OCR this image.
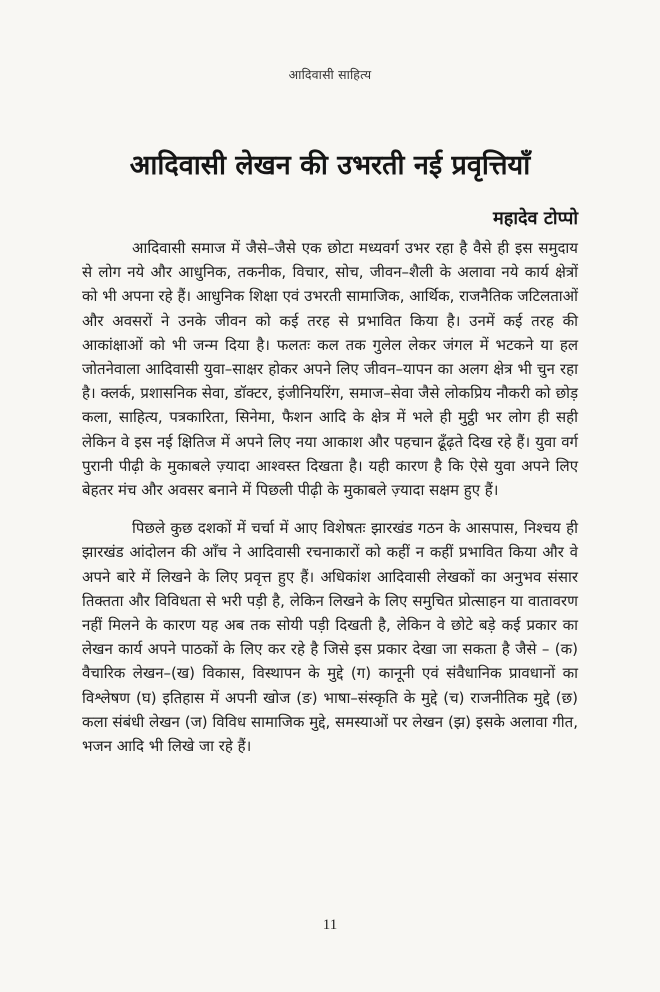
आदिवासी साहित्य
आदिवासी लेखन की उभरती नई प्रवृत्तियाँ
महादेव टोप्पो

आदिवासी समाज में जैसे–जैसे एक छोटा मध्यवर्ग उभर रहा है वैसे ही इस समुदाय से लोग नये और आधुनिक, तकनीक, विचार, सोच, जीवन–शैली के अलावा नये कार्य क्षेत्रों को भी अपना रहे हैं। आधुनिक शिक्षा एवं उभरती सामाजिक, आर्थिक, राजनैतिक जटिलताओं और अवसरों ने उनके जीवन को कई तरह से प्रभावित किया है। उनमें कई तरह की आकांक्षाओं को भी जन्म दिया है। फलतः कल तक गुलेल लेकर जंगल में भटकने या हल जोतनेवाला आदिवासी युवा–साक्षर होकर अपने लिए जीवन–यापन का अलग क्षेत्र भी चुन रहा है। क्लर्क, प्रशासनिक सेवा, डॉक्टर, इंजीनियरिंग, समाज–सेवा जैसे लोकप्रिय नौकरी को छोड़ कला, साहित्य, पत्रकारिता, सिनेमा, फैशन आदि के क्षेत्र में भले ही मुट्ठी भर लोग ही सही लेकिन वे इस नई क्षितिज में अपने लिए नया आकाश और पहचान ढूँढ़ते दिख रहे हैं। युवा वर्ग पुरानी पीढ़ी के मुकाबले ज़्यादा आश्वस्त दिखता है। यही कारण है कि ऐसे युवा अपने लिए बेहतर मंच और अवसर बनाने में पिछली पीढ़ी के मुकाबले ज़्यादा सक्षम हुए हैं।

पिछले कुछ दशकों में चर्चा में आए विशेषतः झारखंड गठन के आसपास, निश्चय ही झारखंड आंदोलन की आँच ने आदिवासी रचनाकारों को कहीं न कहीं प्रभावित किया और वे अपने बारे में लिखने के लिए प्रवृत्त हुए हैं। अधिकांश आदिवासी लेखकों का अनुभव संसार तिक्तता और विविधता से भरी पड़ी है, लेकिन लिखने के लिए समुचित प्रोत्साहन या वातावरण नहीं मिलने के कारण यह अब तक सोयी पड़ी दिखती है, लेकिन वे छोटे बड़े कई प्रकार का लेखन कार्य अपने पाठकों के लिए कर रहे है जिसे इस प्रकार देखा जा सकता है जैसे – (क) वैचारिक लेखन–(ख) विकास, विस्थापन के मुद्दे (ग) कानूनी एवं संवैधानिक प्रावधानों का विश्लेषण (घ) इतिहास में अपनी खोज (ङ) भाषा–संस्कृति के मुद्दे (च) राजनीतिक मुद्दे (छ) कला संबंधी लेखन (ज) विविध सामाजिक मुद्दे, समस्याओं पर लेखन (झ) इसके अलावा गीत, भजन आदि भी लिखे जा रहे हैं।

11
